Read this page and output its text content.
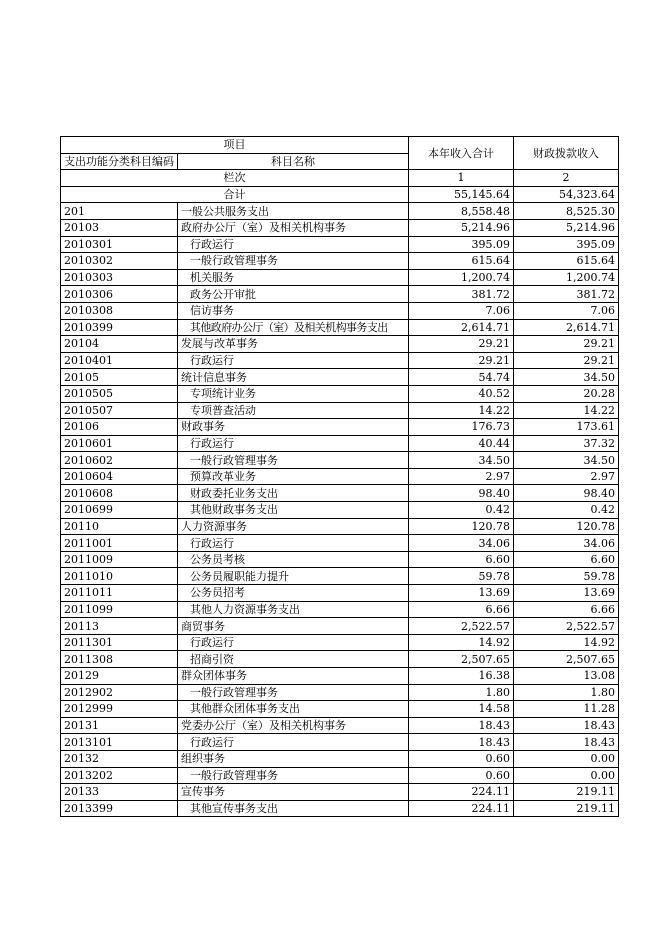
项目		本年收入合计	财政拨款收入
支出功能分类科目编码	科目名称		
栏次		1	2
合计		55,145.64	54,323.64
201	一般公共服务支出	8,558.48	8,525.30
20103	政府办公厅（室）及相关机构事务	5,214.96	5,214.96
2010301	行政运行	395.09	395.09
2010302	一般行政管理事务	615.64	615.64
2010303	机关服务	1,200.74	1,200.74
2010306	政务公开审批	381.72	381.72
2010308	信访事务	7.06	7.06
2010399	其他政府办公厅（室）及相关机构事务支出	2,614.71	2,614.71
20104	发展与改革事务	29.21	29.21
2010401	行政运行	29.21	29.21
20105	统计信息事务	54.74	34.50
2010505	专项统计业务	40.52	20.28
2010507	专项普查活动	14.22	14.22
20106	财政事务	176.73	173.61
2010601	行政运行	40.44	37.32
2010602	一般行政管理事务	34.50	34.50
2010604	预算改革业务	2.97	2.97
2010608	财政委托业务支出	98.40	98.40
2010699	其他财政事务支出	0.42	0.42
20110	人力资源事务	120.78	120.78
2011001	行政运行	34.06	34.06
2011009	公务员考核	6.60	6.60
2011010	公务员履职能力提升	59.78	59.78
2011011	公务员招考	13.69	13.69
2011099	其他人力资源事务支出	6.66	6.66
20113	商贸事务	2,522.57	2,522.57
2011301	行政运行	14.92	14.92
2011308	招商引资	2,507.65	2,507.65
20129	群众团体事务	16.38	13.08
2012902	一般行政管理事务	1.80	1.80
2012999	其他群众团体事务支出	14.58	11.28
20131	党委办公厅（室）及相关机构事务	18.43	18.43
2013101	行政运行	18.43	18.43
20132	组织事务	0.60	0.00
2013202	一般行政管理事务	0.60	0.00
20133	宣传事务	224.11	219.11
2013399	其他宣传事务支出	224.11	219.11
